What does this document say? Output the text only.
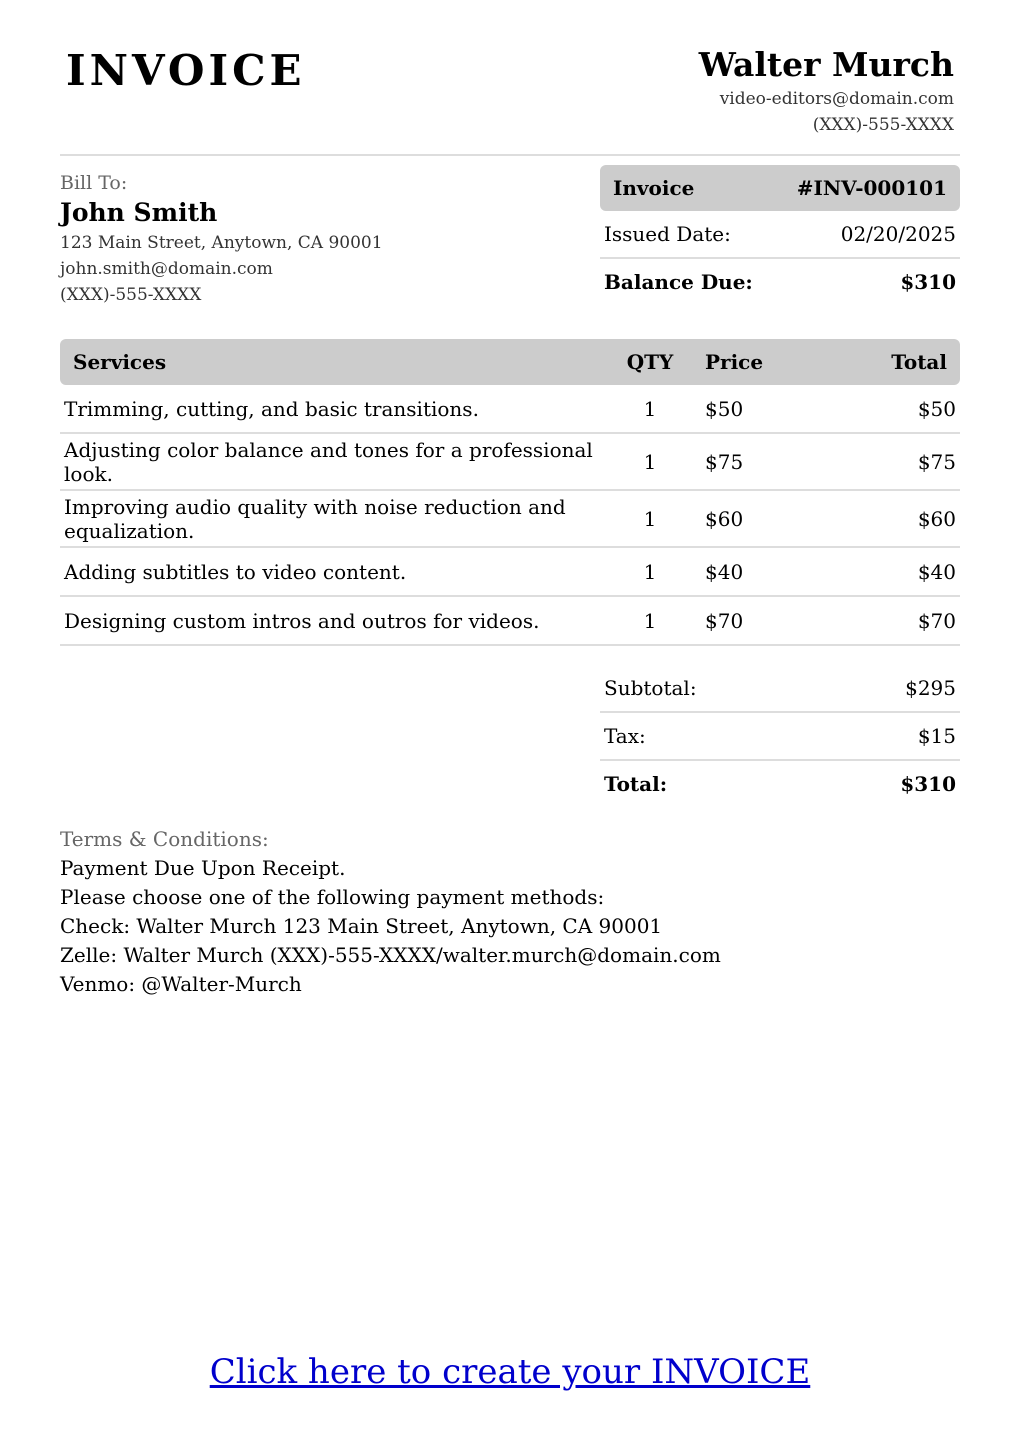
INVOICE	Walter Murch
video-editors@domain.com
(XXX)-555-XXXX
Bill To:
John Smith
123 Main Street, Anytown, CA 90001
john.smith@domain.com
(XXX)-555-XXXX
Invoice	#INV-000101
Issued Date:	02/20/2025
Balance Due:	$310
Services	QTY	Price	Total
Trimming, cutting, and basic transitions.	1	$50	$50
Adjusting color balance and tones for a professional look.	1	$75	$75
Improving audio quality with noise reduction and equalization.	1	$60	$60
Adding subtitles to video content.	1	$40	$40
Designing custom intros and outros for videos.	1	$70	$70
Subtotal:	$295
Tax:	$15
Total:	$310
Terms & Conditions:
Payment Due Upon Receipt.
Please choose one of the following payment methods:
Check: Walter Murch 123 Main Street, Anytown, CA 90001
Zelle: Walter Murch (XXX)-555-XXXX/walter.murch@domain.com
Venmo: @Walter-Murch
Click here to create your INVOICE
